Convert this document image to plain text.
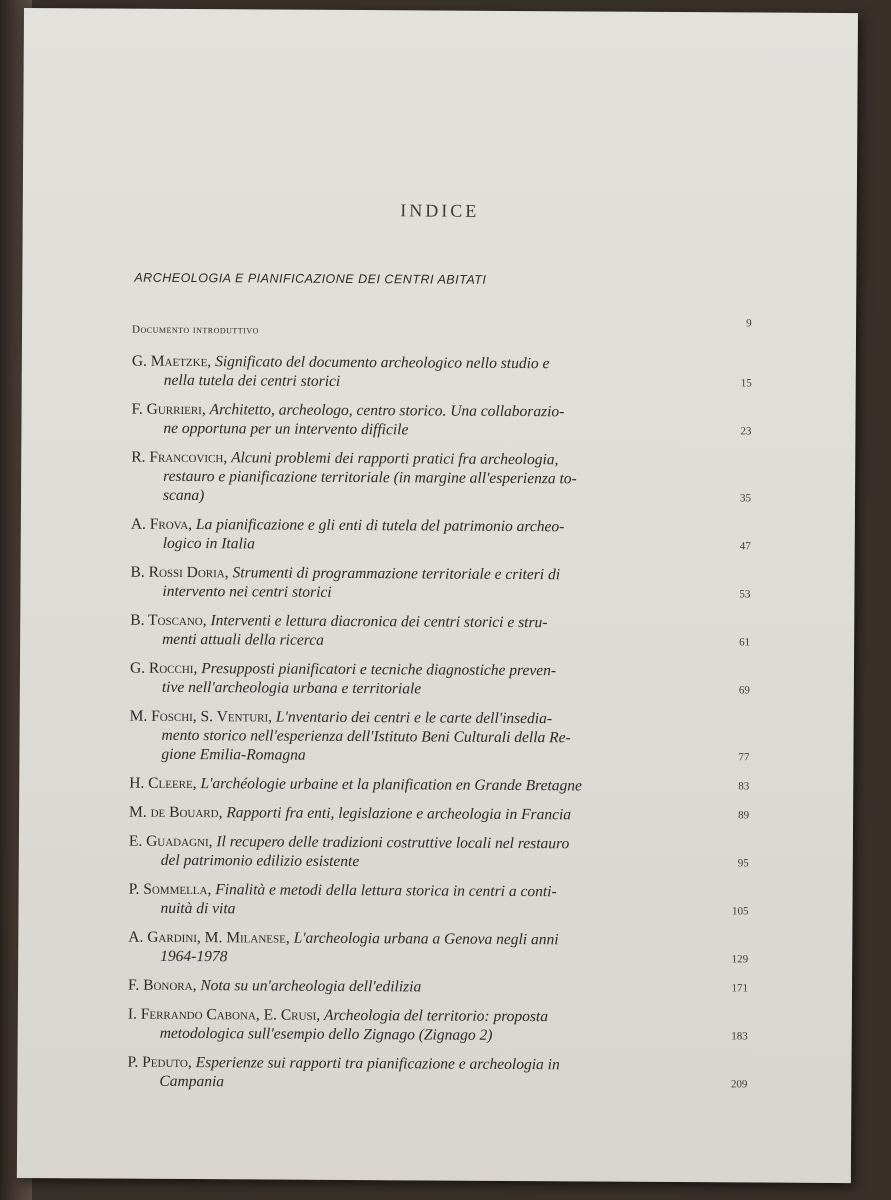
INDICE
ARCHEOLOGIA E PIANIFICAZIONE DEI CENTRI ABITATI
Documento introduttivo
9
G. Maetzke, Significato del documento archeologico nello studio e
nella tutela dei centri storici	15
F. Gurrieri, Architetto, archeologo, centro storico. Una collaborazio-
ne opportuna per un intervento difficile	23
R. Francovich, Alcuni problemi dei rapporti pratici fra archeologia,
restauro e pianificazione territoriale (in margine all'esperienza to-
scana)	35
A. Frova, La pianificazione e gli enti di tutela del patrimonio archeo-
logico in Italia	47
B. Rossi Doria, Strumenti di programmazione territoriale e criteri di
intervento nei centri storici	53
B. Toscano, Interventi e lettura diacronica dei centri storici e stru-
menti attuali della ricerca	61
G. Rocchi, Presupposti pianificatori e tecniche diagnostiche preven-
tive nell'archeologia urbana e territoriale	69
M. Foschi, S. Venturi, L'nventario dei centri e le carte dell'insedia-
mento storico nell'esperienza dell'Istituto Beni Culturali della Re-
gione Emilia-Romagna	77
H. Cleere, L'archéologie urbaine et la planification en Grande Bretagne	83
M. de Bouard, Rapporti fra enti, legislazione e archeologia in Francia	89
E. Guadagni, Il recupero delle tradizioni costruttive locali nel restauro
del patrimonio edilizio esistente	95
P. Sommella, Finalità e metodi della lettura storica in centri a conti-
nuità di vita	105
A. Gardini, M. Milanese, L'archeologia urbana a Genova negli anni
1964-1978	129
F. Bonora, Nota su un'archeologia dell'edilizia	171
I. Ferrando Cabona, E. Crusi, Archeologia del territorio: proposta
metodologica sull'esempio dello Zignago (Zignago 2)	183
P. Peduto, Esperienze sui rapporti tra pianificazione e archeologia in
Campania	209
